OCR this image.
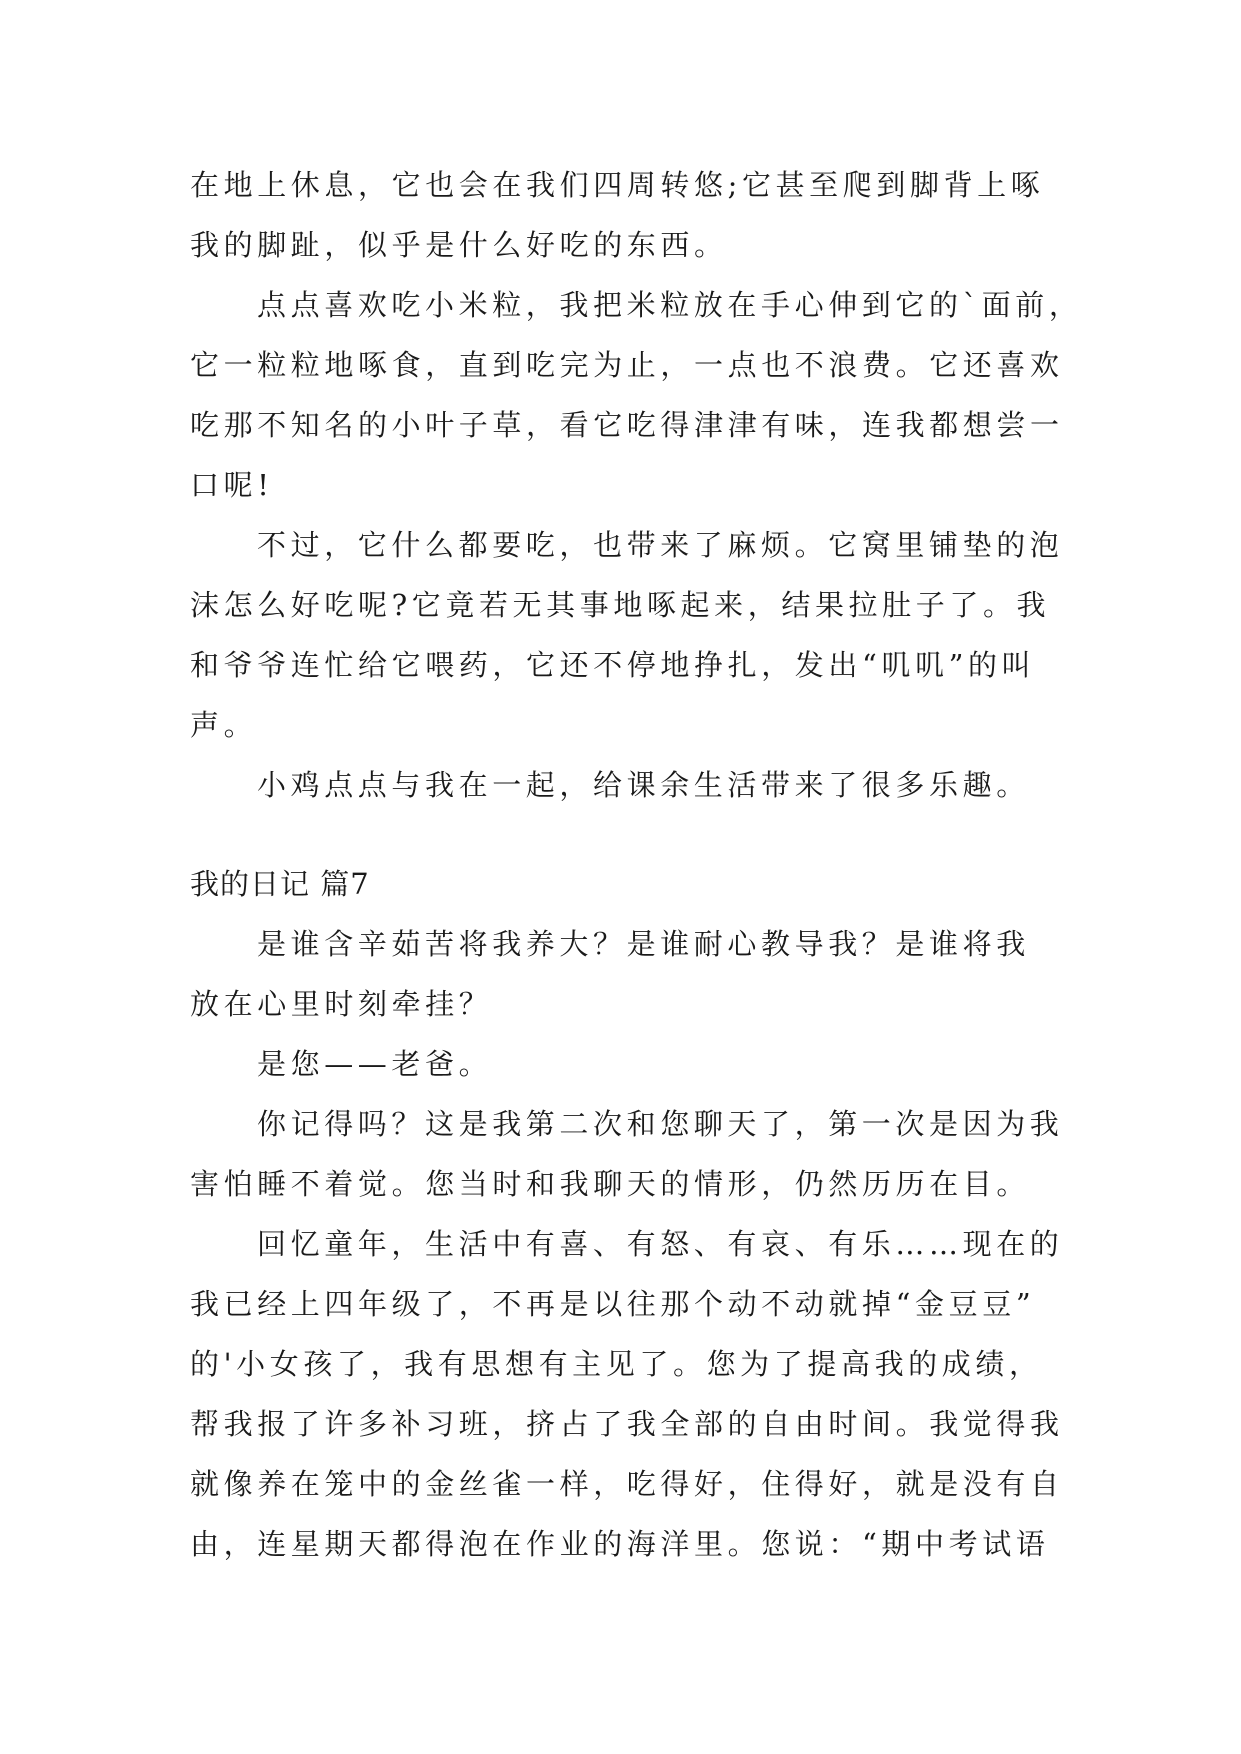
在地上休息，它也会在我们四周转悠;它甚至爬到脚背上啄
我的脚趾，似乎是什么好吃的东西。
点点喜欢吃小米粒，我把米粒放在手心伸到它的`面前，
它一粒粒地啄食，直到吃完为止，一点也不浪费。它还喜欢
吃那不知名的小叶子草，看它吃得津津有味，连我都想尝一
口呢!
不过，它什么都要吃，也带来了麻烦。它窝里铺垫的泡
沫怎么好吃呢?它竟若无其事地啄起来，结果拉肚子了。我
和爷爷连忙给它喂药，它还不停地挣扎，发出“叽叽”的叫
声。
小鸡点点与我在一起，给课余生活带来了很多乐趣。
我的日记 篇7
是谁含辛茹苦将我养大？是谁耐心教导我？是谁将我
放在心里时刻牵挂？
是您——老爸。
你记得吗？这是我第二次和您聊天了，第一次是因为我
害怕睡不着觉。您当时和我聊天的情形，仍然历历在目。
回忆童年，生活中有喜、有怒、有哀、有乐……现在的
我已经上四年级了，不再是以往那个动不动就掉“金豆豆”
的'小女孩了，我有思想有主见了。您为了提高我的成绩，
帮我报了许多补习班，挤占了我全部的自由时间。我觉得我
就像养在笼中的金丝雀一样，吃得好，住得好，就是没有自
由，连星期天都得泡在作业的海洋里。您说：“期中考试语
